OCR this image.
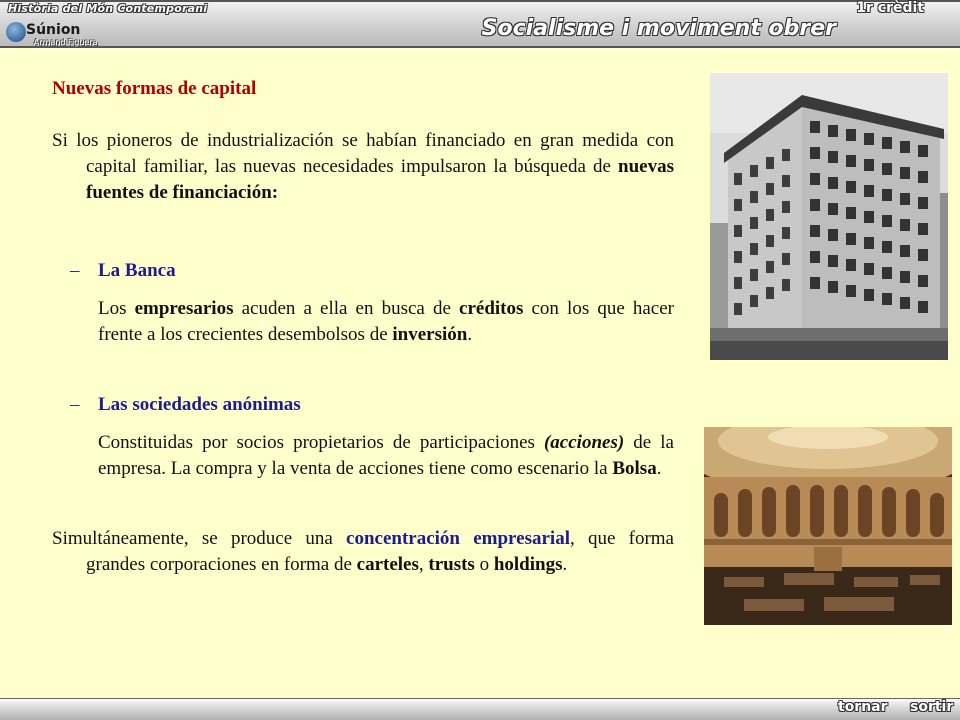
Història del Món Contemporani	1r crèdit
Súnion
Armand Figuera
Socialisme i moviment obrer

Nuevas formas de capital

Si los pioneros de industrialización se habían financiado en gran medida con capital familiar, las nuevas necesidades impulsaron la búsqueda de nuevas fuentes de financiación:

– La Banca

Los empresarios acuden a ella en busca de créditos con los que hacer frente a los crecientes desembolsos de inversión.

– Las sociedades anónimas

Constituidas por socios propietarios de participaciones (acciones) de la empresa. La compra y la venta de acciones tiene como escenario la Bolsa.

Simultáneamente, se produce una concentración empresarial, que forma grandes corporaciones en forma de carteles, trusts o holdings.

tornar sortir
